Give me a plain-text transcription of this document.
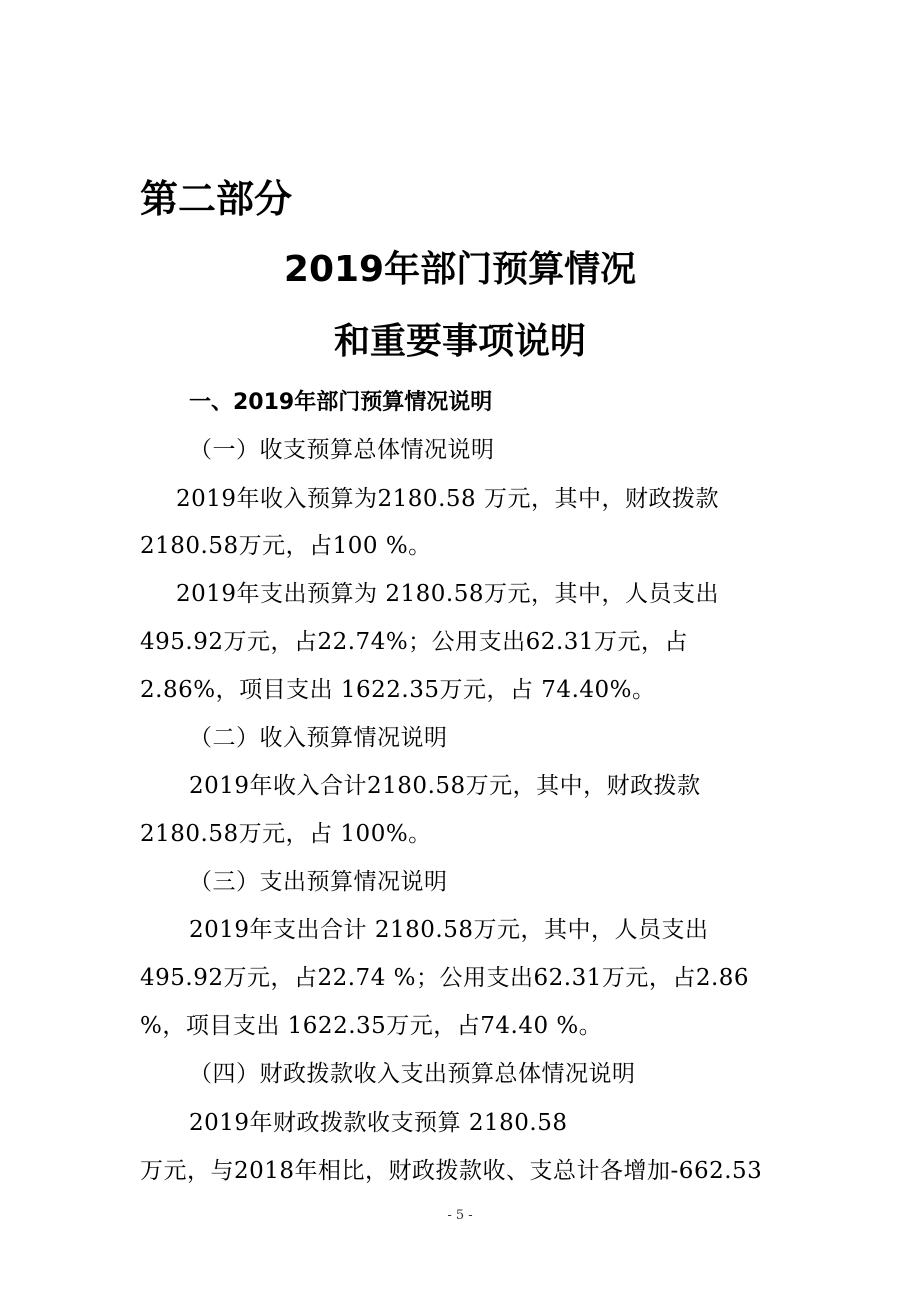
第二部分
2019年部门预算情况
和重要事项说明
一、2019年部门预算情况说明
（一）收支预算总体情况说明
2019年收入预算为2180.58 万元，其中，财政拨款
2180.58万元，占100 %。
2019年支出预算为 2180.58万元，其中，人员支出
495.92万元，占22.74%；公用支出62.31万元，占
2.86%，项目支出 1622.35万元，占 74.40%。
（二）收入预算情况说明
2019年收入合计2180.58万元，其中，财政拨款
2180.58万元，占 100%。
（三）支出预算情况说明
2019年支出合计 2180.58万元，其中，人员支出
495.92万元，占22.74 %；公用支出62.31万元，占2.86
%，项目支出 1622.35万元，占74.40 %。
（四）财政拨款收入支出预算总体情况说明
2019年财政拨款收支预算 2180.58
万元，与2018年相比，财政拨款收、支总计各增加-662.53
- 5 -
